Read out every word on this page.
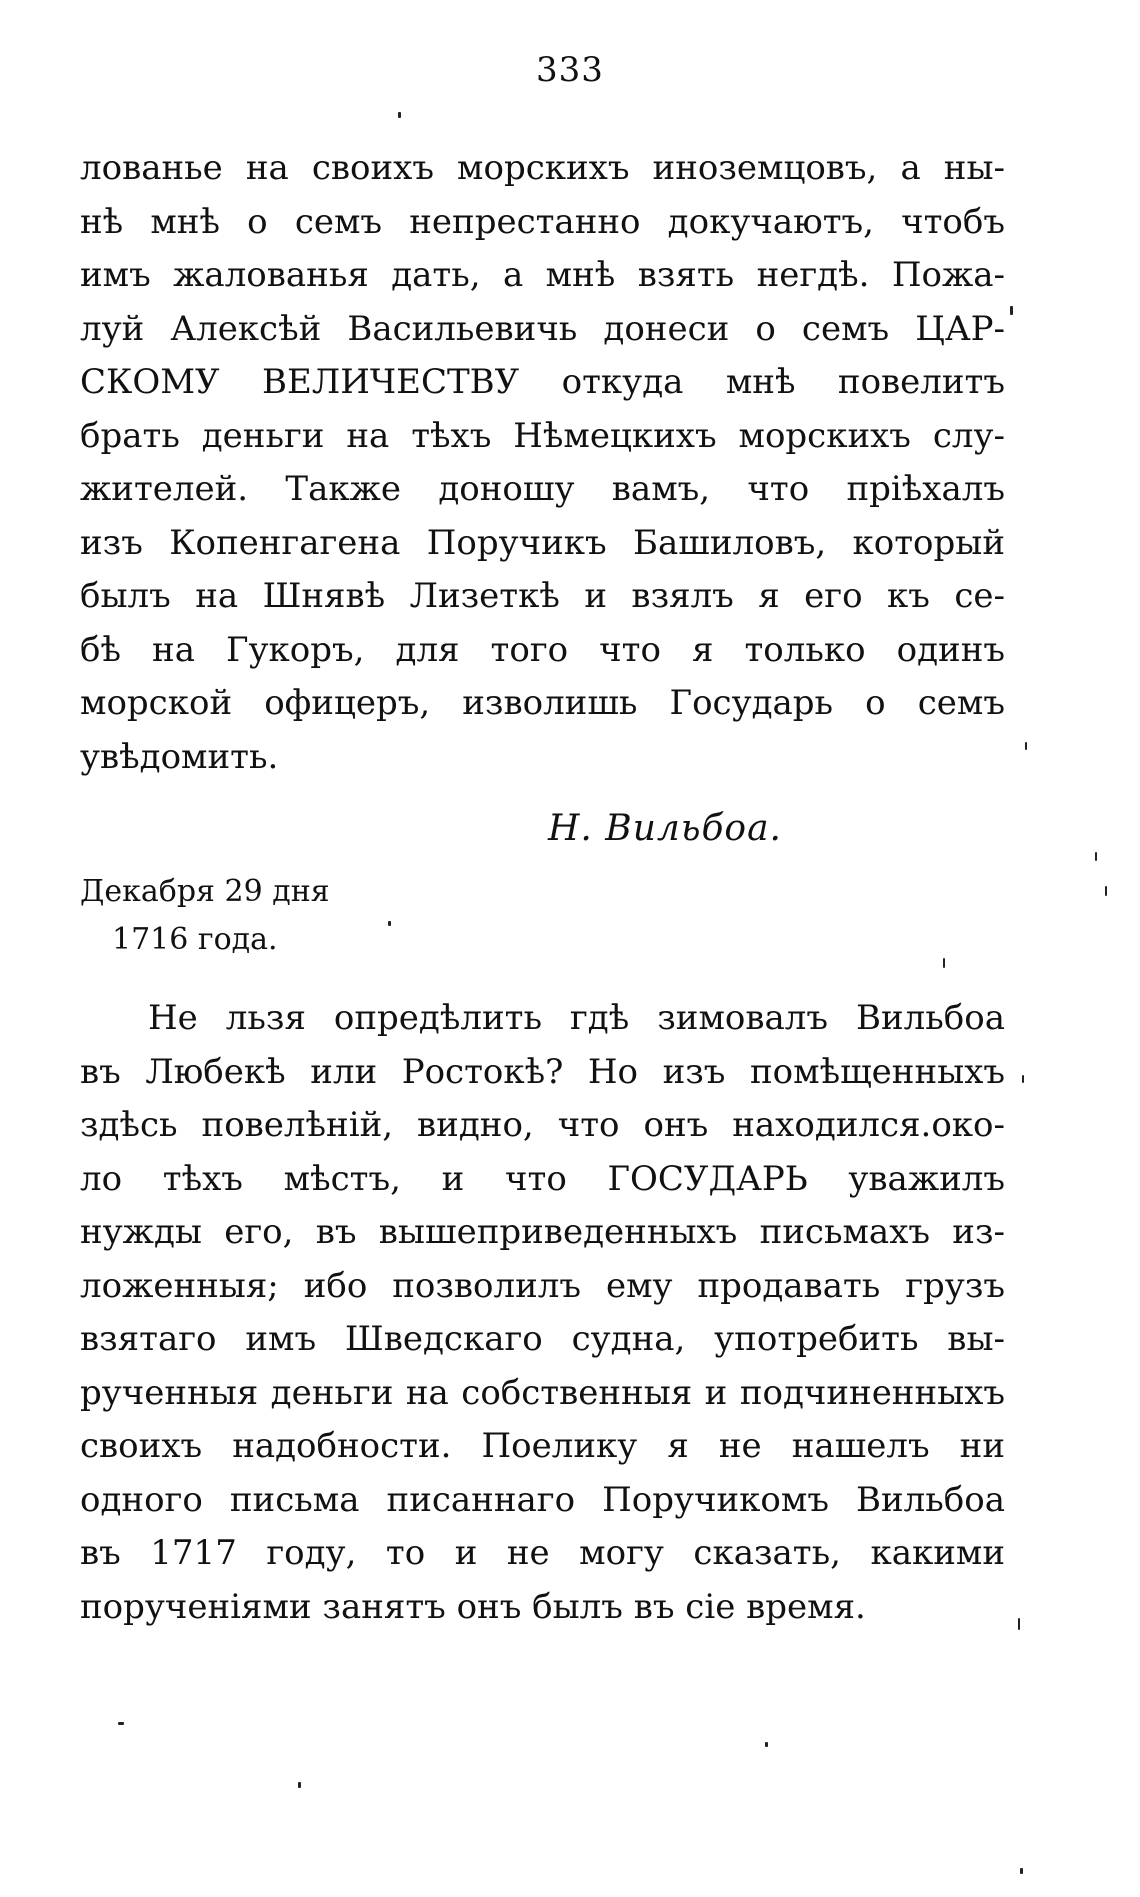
333
лованье на своихъ морскихъ иноземцовъ, а ны-
нѣ мнѣ о семъ непрестанно докучаютъ, чтобъ
имъ жалованья дать, а мнѣ взять негдѣ. Пожа-
луй Алексѣй Васильевичь донеси о семъ ЦАР-
СКОМУ ВЕЛИЧЕСТВУ откуда мнѣ повелитъ
брать деньги на тѣхъ Нѣмецкихъ морскихъ слу-
жителей. Также доношу вамъ, что пріѣхалъ
изъ Копенгагена Поручикъ Башиловъ, который
былъ на Шнявѣ Лизеткѣ и взялъ я его къ се-
бѣ на Гукоръ, для того что я только одинъ
морской офицеръ, изволишь Государь о семъ
увѣдомить.
Н. Вильбоа.
Декабря 29 дня
1716 года.
Не льзя опредѣлить гдѣ зимовалъ Вильбоа
въ Любекѣ или Ростокѣ? Но изъ помѣщенныхъ
здѣсь повелѣній, видно, что онъ находился.око-
ло тѣхъ мѣстъ, и что ГОСУДАРЬ уважилъ
нужды его, въ вышеприведенныхъ письмахъ из-
ложенныя; ибо позволилъ ему продавать грузъ
взятаго имъ Шведскаго судна, употребить вы-
рученныя деньги на собственныя и подчиненныхъ
своихъ надобности. Поелику я не нашелъ ни
одного письма писаннаго Поручикомъ Вильбоа
въ 1717 году, то и не могу сказать, какими
порученіями занятъ онъ былъ въ сіе время.
